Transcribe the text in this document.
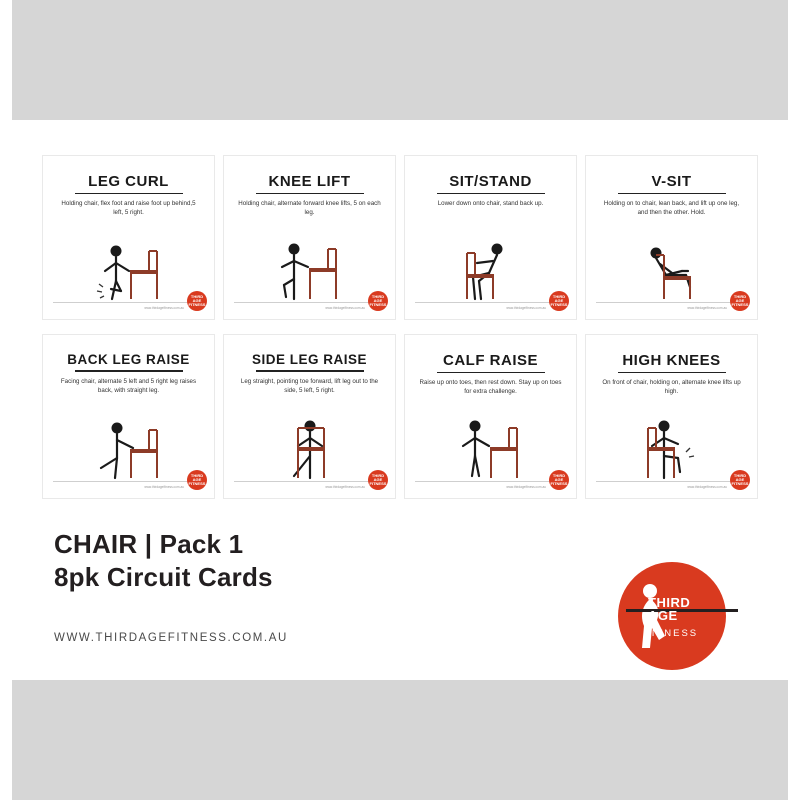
LEG CURL
Holding chair, flex foot and raise foot up behind,5 left, 5 right.
www.thirdagefitness.com.au
THIRD AGE FITNESS
KNEE LIFT
Holding chair, alternate forward knee lifts, 5 on each leg.
www.thirdagefitness.com.au
THIRD AGE FITNESS
SIT/STAND
Lower down onto chair, stand back up.
www.thirdagefitness.com.au
THIRD AGE FITNESS
V-SIT
Holding on to chair, lean back, and lift up one leg, and then the other. Hold.
www.thirdagefitness.com.au
THIRD AGE FITNESS
BACK LEG RAISE
Facing chair, alternate 5 left and 5 right leg raises back, with straight leg.
www.thirdagefitness.com.au
THIRD AGE FITNESS
SIDE LEG RAISE
Leg straight, pointing toe forward, lift leg out to the side, 5 left, 5 right.
www.thirdagefitness.com.au
THIRD AGE FITNESS
CALF RAISE
Raise up onto toes, then rest down. Stay up on toes for extra challenge.
www.thirdagefitness.com.au
THIRD AGE FITNESS
HIGH KNEES
On front of chair, holding on, alternate knee lifts up high.
www.thirdagefitness.com.au
THIRD AGE FITNESS
CHAIR | Pack 1
8pk Circuit Cards
WWW.THIRDAGEFITNESS.COM.AU
THIRD
AGE
FITNESS
